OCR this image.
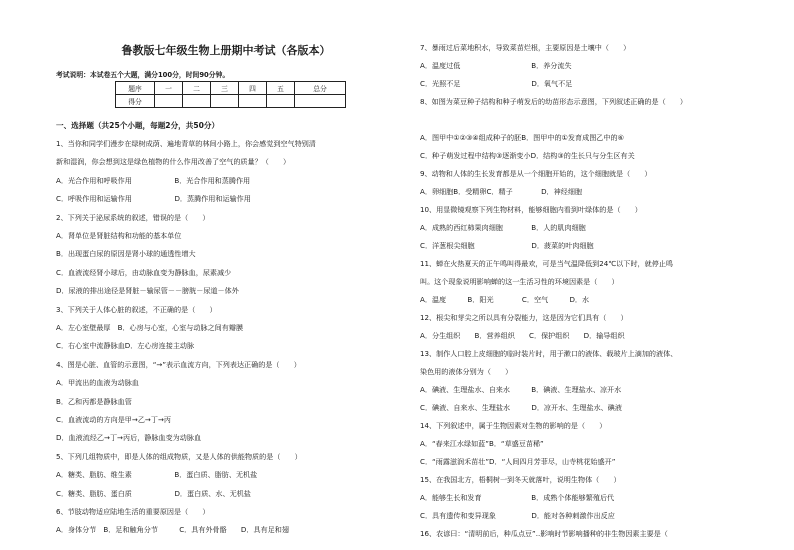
鲁教版七年级生物上册期中考试（各版本）
考试说明：本试卷五个大题，满分100分，时间90分钟。
题序	一	二	三	四	五	总分
得分						
一、选择题（共25个小题，每题2分，共50分）
1、当你和同学们漫步在绿树成荫、遍地青草的林间小路上，你会感觉到空气特别清
新和湿润，你会想到这是绿色植物的什么作用改善了空气的质量？（　　）
A．光合作用和呼吸作用　　　　　　B．光合作用和蒸腾作用
C．呼吸作用和运输作用　　　　　　D．蒸腾作用和运输作用
2、下列关于泌尿系统的叙述，错误的是（　　）
A．肾单位是肾脏结构和功能的基本单位
B．出现蛋白尿的原因是肾小球的通透性增大
C．血液流经肾小球后，由动脉血变为静脉血，尿素减少
D．尿液的排出途径是肾脏－输尿管－－膀胱－尿道－体外
3、下列关于人体心脏的叙述，不正确的是（　　）
A．左心室壁最厚　B．心房与心室，心室与动脉之间有瓣膜
C．右心室中流静脉血D．左心房连接主动脉
4、图是心脏、血管的示意图，“→”表示血流方向，下列表达正确的是（　　）
A．甲流出的血液为动脉血
B．乙和丙都是静脉血管
C．血液流动的方向是甲→乙→丁→丙
D．血液流经乙→丁→丙后，静脉血变为动脉血
5、下列几组物质中，即是人体的组成物质，又是人体的供能物质的是（　　）
A．糖类、脂肪、维生素　　　　　　B．蛋白质、脂肪、无机盐
C．糖类、脂肪、蛋白质　　　　　　D．蛋白质、水、无机盐
6、节肢动物适应陆地生活的重要原因是（　　）
A．身体分节　B．足和触角分节　　　C．具有外骨骼　　D．具有足和翅
7、暴雨过后菜地积水，导致菜苗烂根，主要原因是土壤中（　　）
A．温度过低　　　　　　　　　　B．养分流失
C．光照不足　　　　　　　　　　D．氧气不足
8、如图为菜豆种子结构和种子萌发后的幼苗形态示意图，下列叙述正确的是（　　）
A．图甲中①②③④组成种子的胚B．图甲中的①发育成图乙中的⑥
C．种子萌发过程中结构③逐渐变小D．结构③的生长只与分生区有关
9、动物和人体的生长发育都是从一个细胞开始的，这个细胞就是（　　）
A．卵细胞B．受精卵C．精子　　　　D．神经细胞
10、用显微镜观察下列生物材料，能够细胞内看到叶绿体的是（　　）
A．成熟的西红柿果肉细胞　　　　B．人的肌肉细胞
C．洋葱根尖细胞　　　　　　　　D．菠菜的叶肉细胞
11、蝉在火热夏天的正午鸣叫得最欢，可是当气温降低到24℃以下时，就停止鸣
叫。这个现象说明影响蝉的这一生活习性的环境因素是（　　）
A．温度　　　B．阳光　　　　C．空气　　　D．水
12、根尖和芽尖之所以具有分裂能力，这是因为它们具有（　　）
A．分生组织　　B．营养组织　　C．保护组织　　D．输导组织
13、制作人口腔上皮细胞的临时装片时，用于漱口的液体、载玻片上滴加的液体、
染色用的液体分别为（　　）
A．碘液、生理盐水、自来水　　　B．碘液、生理盐水、凉开水
C．碘液、自来水、生理盐水　　　D．凉开水、生理盐水、碘液
14、下列叙述中，属于生物因素对生物的影响的是（　　）
A．“春来江水绿如蓝”B．“草盛豆苗稀”
C．“雨露滋润禾苗壮”D．“人间四月芳菲尽，山寺桃花始盛开”
15、在我国北方，梧桐树一到冬天就落叶，说明生物体（　　）
A．能够生长和发育　　　　　　　B．成熟个体能够繁殖后代
C．具有遗传和变异现象　　　　　D．能对各种刺激作出反应
16、农谚曰：“清明前后，种瓜点豆”..影响时节影响播种的非生物因素主要是（
